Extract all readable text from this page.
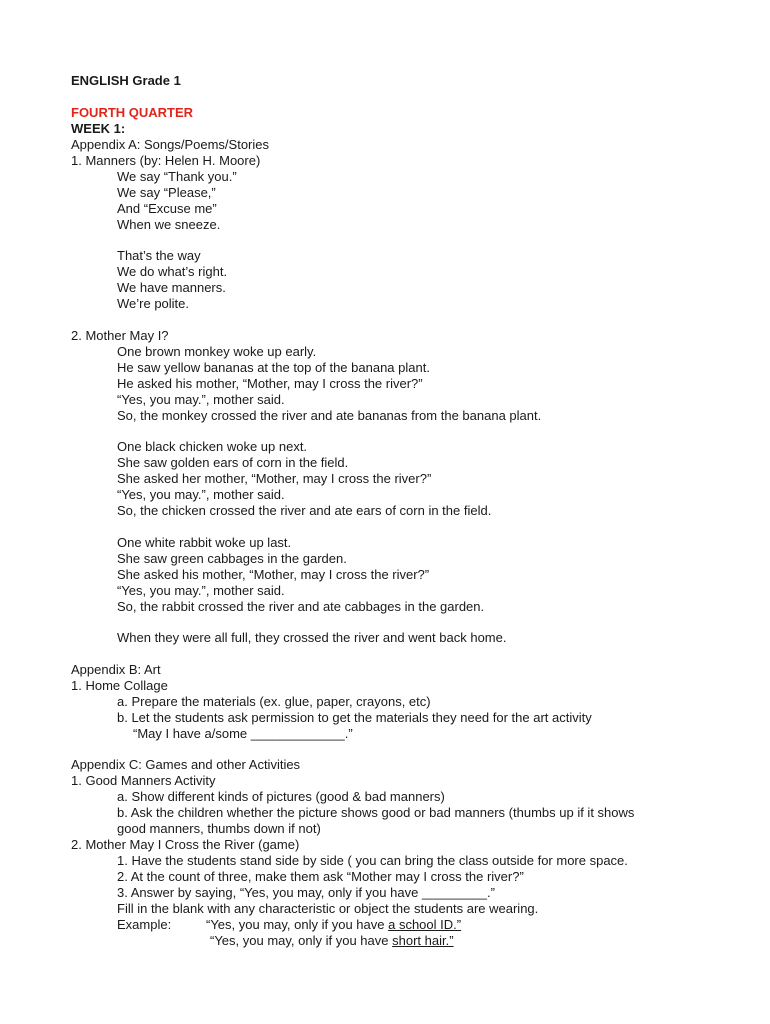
ENGLISH Grade 1
FOURTH QUARTER
WEEK 1:
Appendix A: Songs/Poems/Stories
1. Manners (by: Helen H. Moore)
We say “Thank you.”
We say “Please,”
And “Excuse me”
When we sneeze.
That’s the way
We do what’s right.
We have manners.
We’re polite.
2. Mother May I?
One brown monkey woke up early.
He saw yellow bananas at the top of the banana plant.
He asked his mother, “Mother, may I cross the river?”
“Yes, you may.”, mother said.
So, the monkey crossed the river and ate bananas from the banana plant.
One black chicken woke up next.
She saw golden ears of corn in the field.
She asked her mother, “Mother, may I cross the river?”
“Yes, you may.”, mother said.
So, the chicken crossed the river and ate ears of corn in the field.
One white rabbit woke up last.
She saw green cabbages in the garden.
She asked his mother, “Mother, may I cross the river?”
“Yes, you may.”, mother said.
So, the rabbit crossed the river and ate cabbages in the garden.
When they were all full, they crossed the river and went back home.
Appendix B: Art
1. Home Collage
a. Prepare the materials (ex. glue, paper, crayons, etc)
b. Let the students ask permission to get the materials they need for the art activity
“May I have a/some _____________.”
Appendix C: Games and other Activities
1. Good Manners Activity
a. Show different kinds of pictures (good & bad manners)
b. Ask the children whether the picture shows good or bad manners (thumbs up if it shows
good manners, thumbs down if not)
2. Mother May I Cross the River (game)
1. Have the students stand side by side ( you can bring the class outside for more space.
2. At the count of three, make them ask “Mother may I cross the river?”
3. Answer by saying, “Yes, you may, only if you have _________.”
Fill in the blank with any characteristic or object the students are wearing.
Example:	“Yes, you may, only if you have a school ID.”
“Yes, you may, only if you have short hair.”
